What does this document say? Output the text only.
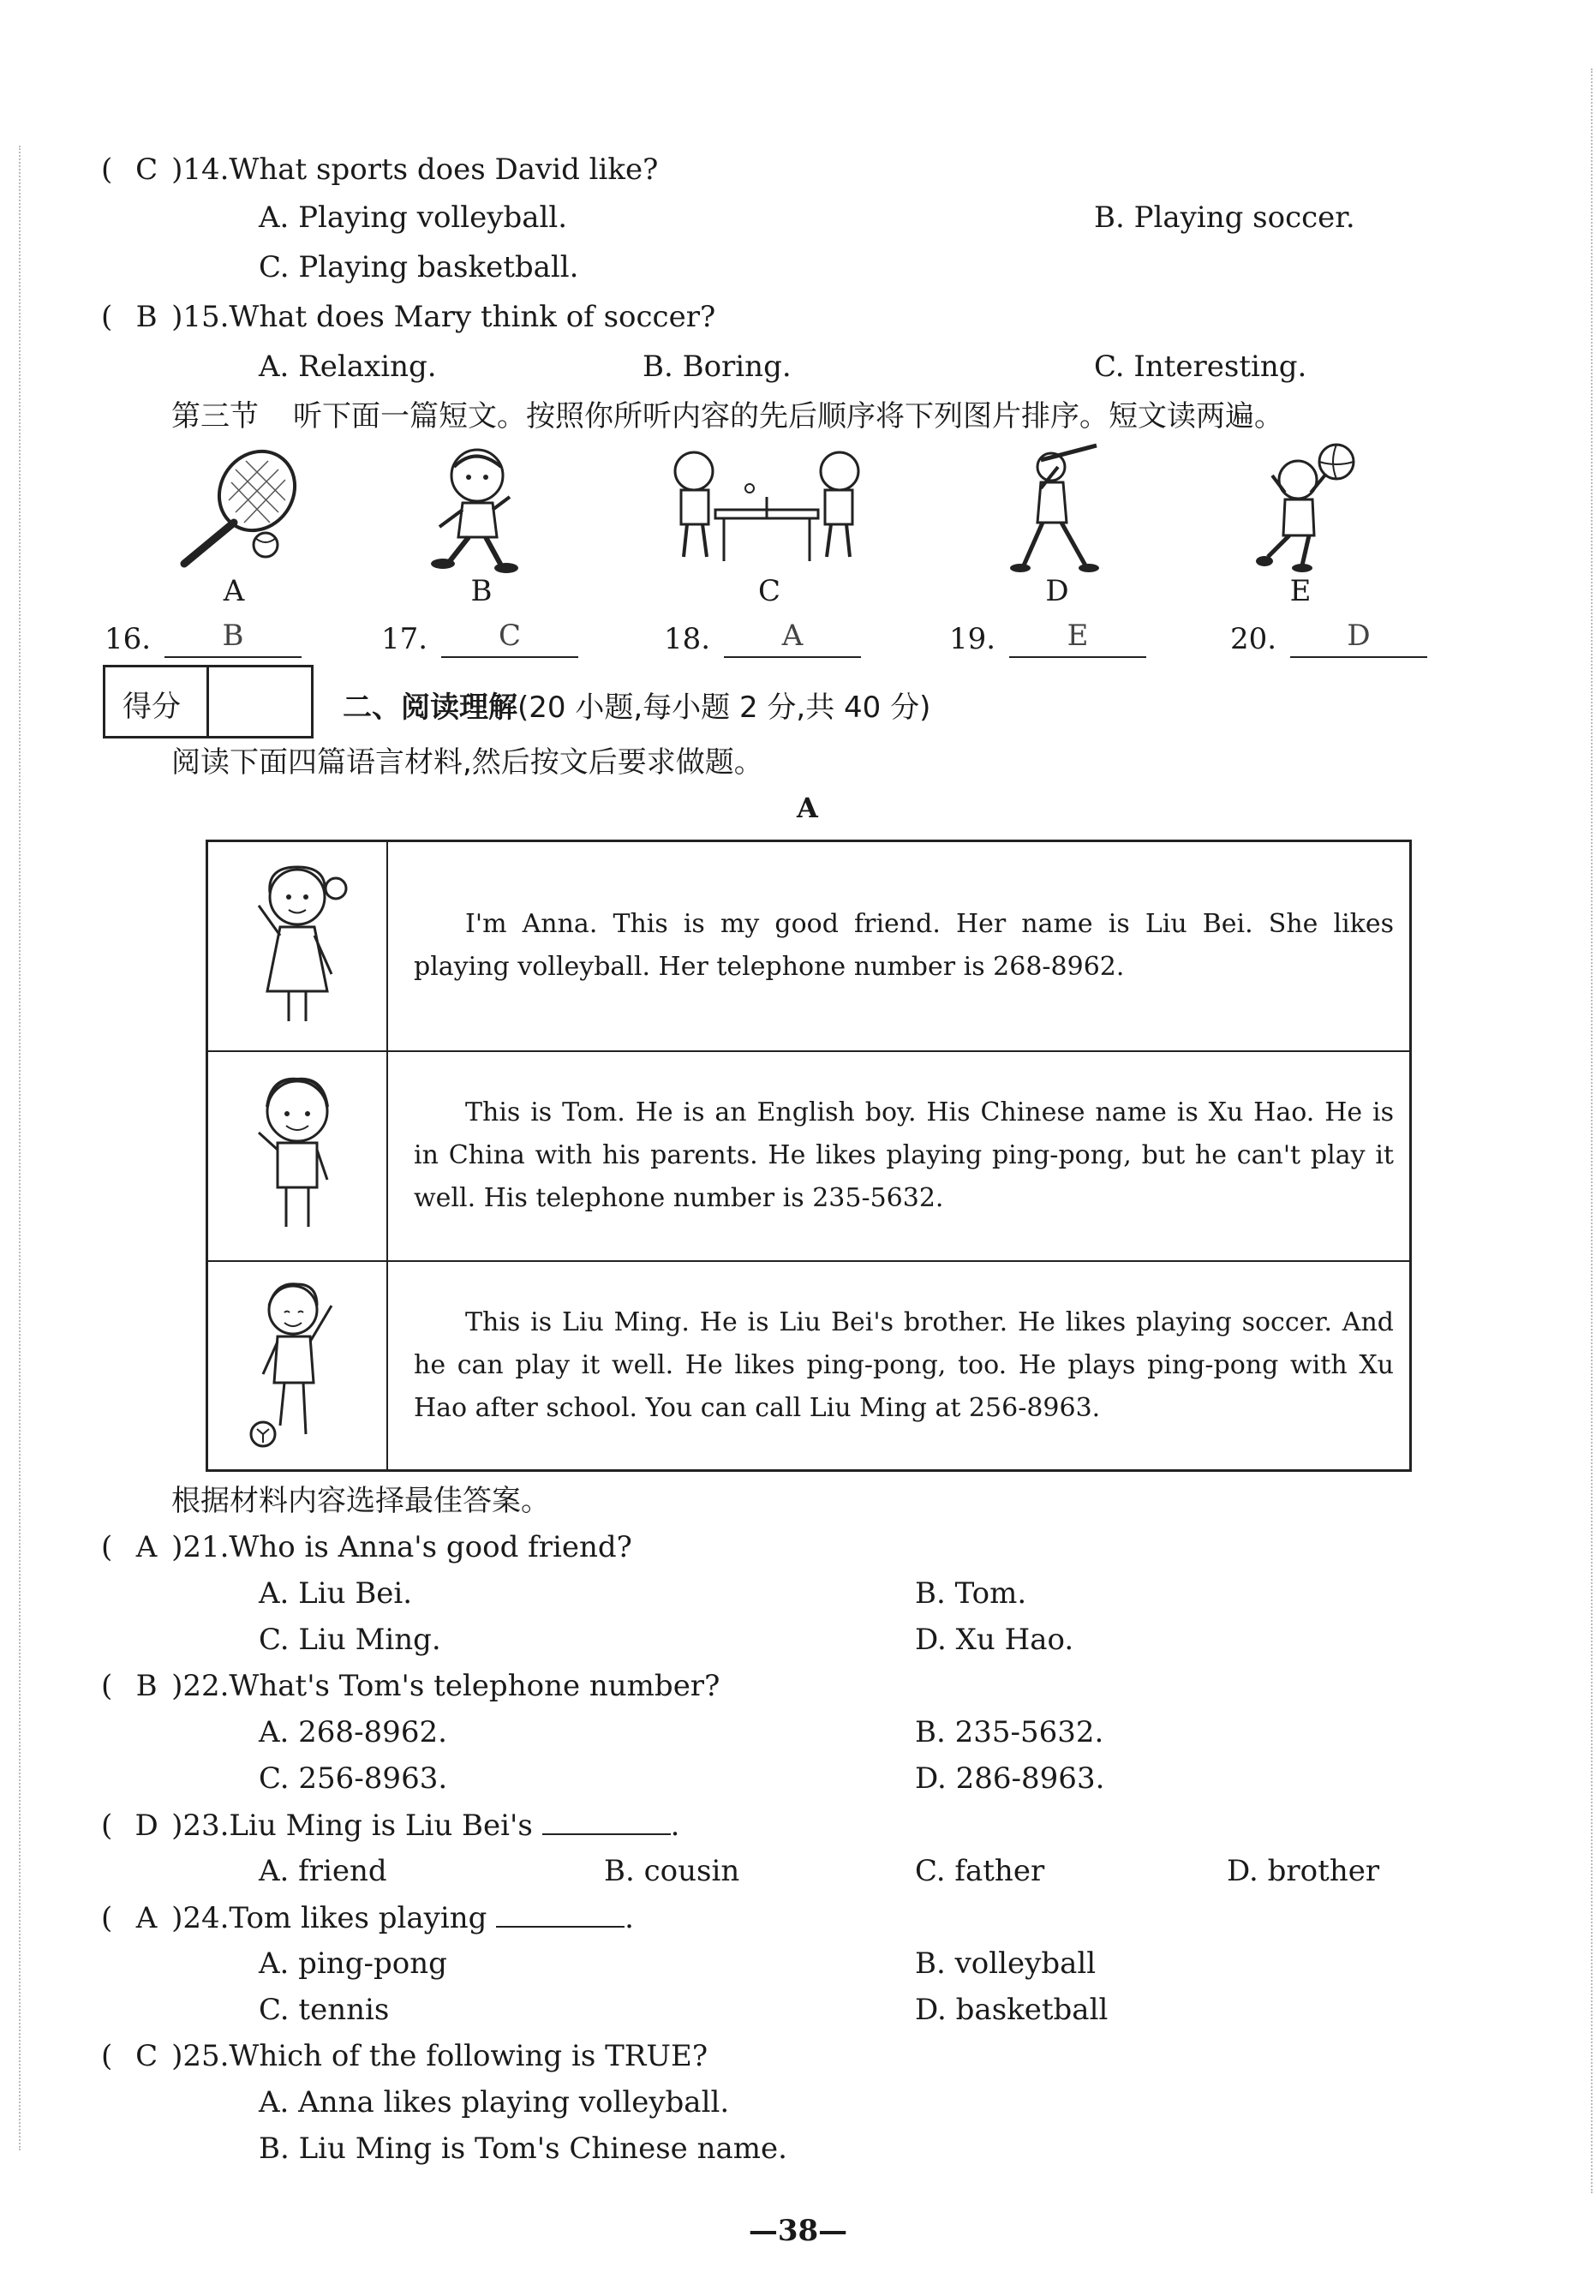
( C )14.What sports does David like?
A. Playing volleyball.	B. Playing soccer.
C. Playing basketball.
( B )15.What does Mary think of soccer?
A. Relaxing.	B. Boring.	C. Interesting.
第三节 听下面一篇短文。按照你所听内容的先后顺序将下列图片排序。短文读两遍。
A	B	C	D	E
16.	B	17.	C	18.	A	19.	E	20.	D
得分	二、阅读理解(20 小题,每小题 2 分,共 40 分)
阅读下面四篇语言材料,然后按文后要求做题。
A
	I'm Anna. This is my good friend. Her name is Liu Bei. She likes playing volleyball. Her telephone number is 268-8962.
	This is Tom. He is an English boy. His Chinese name is Xu Hao. He is in China with his parents. He likes playing ping-pong, but he can't play it well. His telephone number is 235-5632.
	This is Liu Ming. He is Liu Bei's brother. He likes playing soccer. And he can play it well. He likes ping-pong, too. He plays ping-pong with Xu Hao after school. You can call Liu Ming at 256-8963.
根据材料内容选择最佳答案。
( A )21.Who is Anna's good friend?
A. Liu Bei.	B. Tom.
C. Liu Ming.	D. Xu Hao.
( B )22.What's Tom's telephone number?
A. 268-8962.	B. 235-5632.
C. 256-8963.	D. 286-8963.
( D )23.Liu Ming is Liu Bei's	.
A. friend	B. cousin	C. father	D. brother
( A )24.Tom likes playing	.
A. ping-pong	B. volleyball
C. tennis	D. basketball
( C )25.Which of the following is TRUE?
A. Anna likes playing volleyball.
B. Liu Ming is Tom's Chinese name.
—38—
